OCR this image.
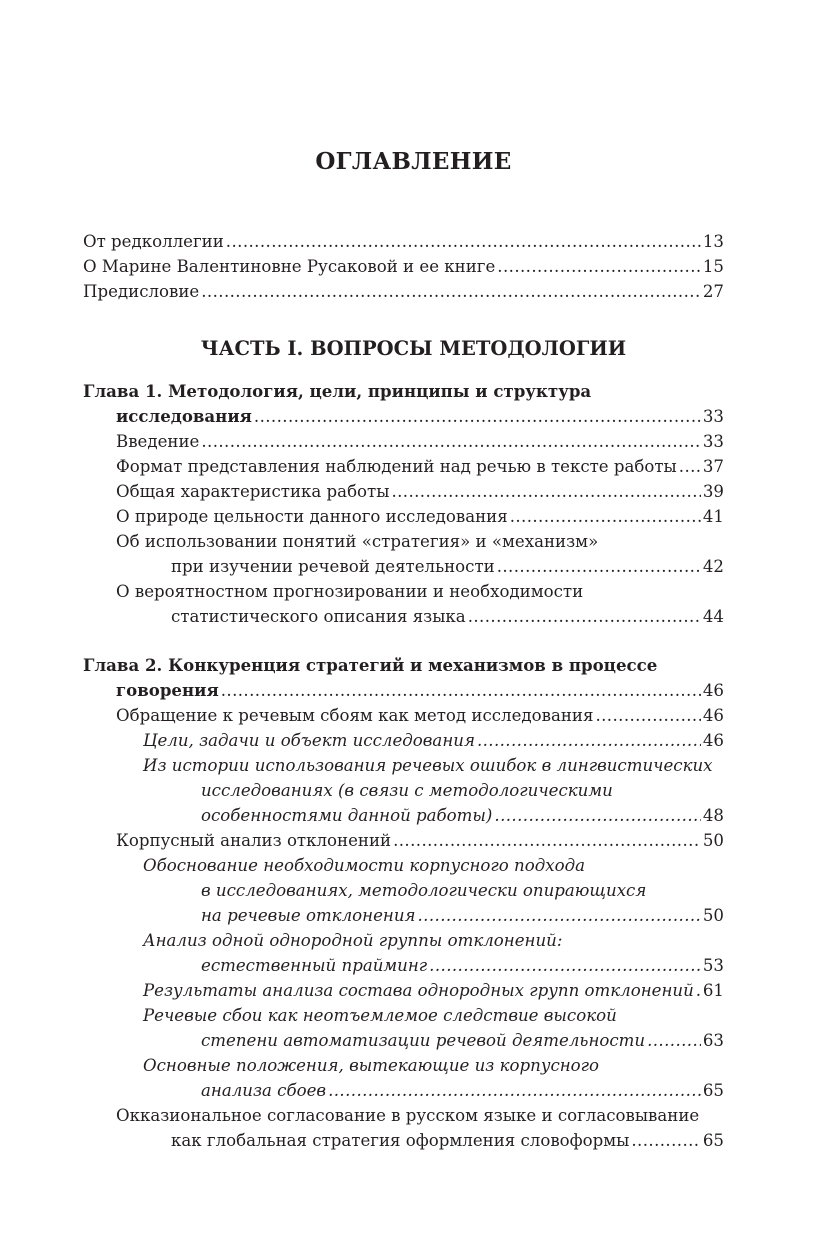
ОГЛАВЛЕНИЕ
От редколлегии .....	13
О Марине Валентиновне Русаковой и ее книге .....	15
Предисловие .....	27
ЧАСТЬ I. ВОПРОСЫ МЕТОДОЛОГИИ
Глава 1. Методология, цели, принципы и структура
исследования .....	33
Введение .....	33
Формат представления наблюдений над речью в тексте работы ..... 37
Общая характеристика работы .....	39
О природе цельности данного исследования .....	41
Об использовании понятий «стратегия» и «механизм»
при изучении речевой деятельности .....	42
О вероятностном прогнозировании и необходимости
статистического описания языка .....	44
Глава 2. Конкуренция стратегий и механизмов в процессе
говорения .....	46
Обращение к речевым сбоям как метод исследования .....	46
Цели, задачи и объект исследования .....	46
Из истории использования речевых ошибок в лингвистических
исследованиях (в связи с методологическими
особенностями данной работы) .....	48
Корпусный анализ отклонений .....	50
Обоснование необходимости корпусного подхода
в исследованиях, методологически опирающихся
на речевые отклонения .....	50
Анализ одной однородной группы отклонений:
естественный прайминг .....	53
Результаты анализа состава однородных групп отклонений ..... 61
Речевые сбои как неотъемлемое следствие высокой
степени автоматизации речевой деятельности .....	63
Основные положения, вытекающие из корпусного
анализа сбоев .....	65
Окказиональное согласование в русском языке и согласовывание
как глобальная стратегия оформления словоформы .....	65
